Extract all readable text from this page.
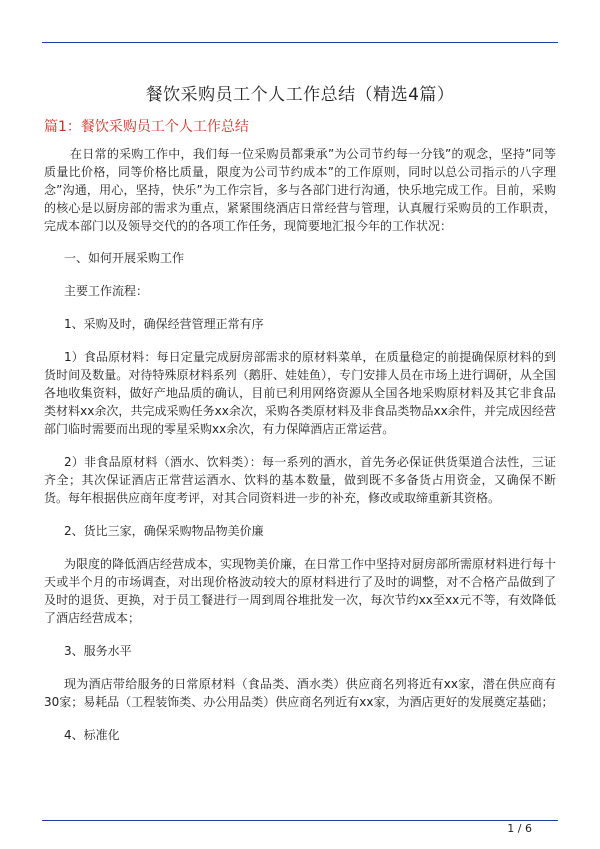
餐饮采购员工个人工作总结（精选4篇）
篇1：餐饮采购员工个人工作总结

在日常的采购工作中，我们每一位采购员都秉承”为公司节约每一分钱”的观念，坚持”同等质量比价格，同等价格比质量，限度为公司节约成本”的工作原则，同时以总公司指示的八字理念”沟通，用心，坚持，快乐”为工作宗旨，多与各部门进行沟通，快乐地完成工作。目前，采购的核心是以厨房部的需求为重点，紧紧围绕酒店日常经营与管理，认真履行采购员的工作职责，完成本部门以及领导交代的的各项工作任务，现简要地汇报今年的工作状况：

一、如何开展采购工作

主要工作流程：

1、采购及时，确保经营管理正常有序

1）食品原材料：每日定量完成厨房部需求的原材料菜单，在质量稳定的前提确保原材料的到货时间及数量。对待特殊原材料系列（鹅肝、娃娃鱼），专门安排人员在市场上进行调研，从全国各地收集资料，做好产地品质的确认，目前已利用网络资源从全国各地采购原材料及其它非食品类材料xx余次，共完成采购任务xx余次，采购各类原材料及非食品类物品xx余件，并完成因经营部门临时需要而出现的零星采购xx余次，有力保障酒店正常运营。

2）非食品原材料（酒水、饮料类）：每一系列的酒水，首先务必保证供货渠道合法性，三证齐全；其次保证酒店正常营运酒水、饮料的基本数量，做到既不多备货占用资金，又确保不断货。每年根据供应商年度考评，对其合同资料进一步的补充，修改或取缔重新其资格。

2、货比三家，确保采购物品物美价廉

为限度的降低酒店经营成本，实现物美价廉，在日常工作中坚持对厨房部所需原材料进行每十天或半个月的市场调查，对出现价格波动较大的原材料进行了及时的调整，对不合格产品做到了及时的退货、更换，对于员工餐进行一周到周谷堆批发一次，每次节约xx至xx元不等，有效降低了酒店经营成本；

3、服务水平

现为酒店带给服务的日常原材料（食品类、酒水类）供应商名列将近有xx家，潜在供应商有30家；易耗品（工程装饰类、办公用品类）供应商名列近有xx家，为酒店更好的发展奠定基础；

4、标准化

1 / 6
